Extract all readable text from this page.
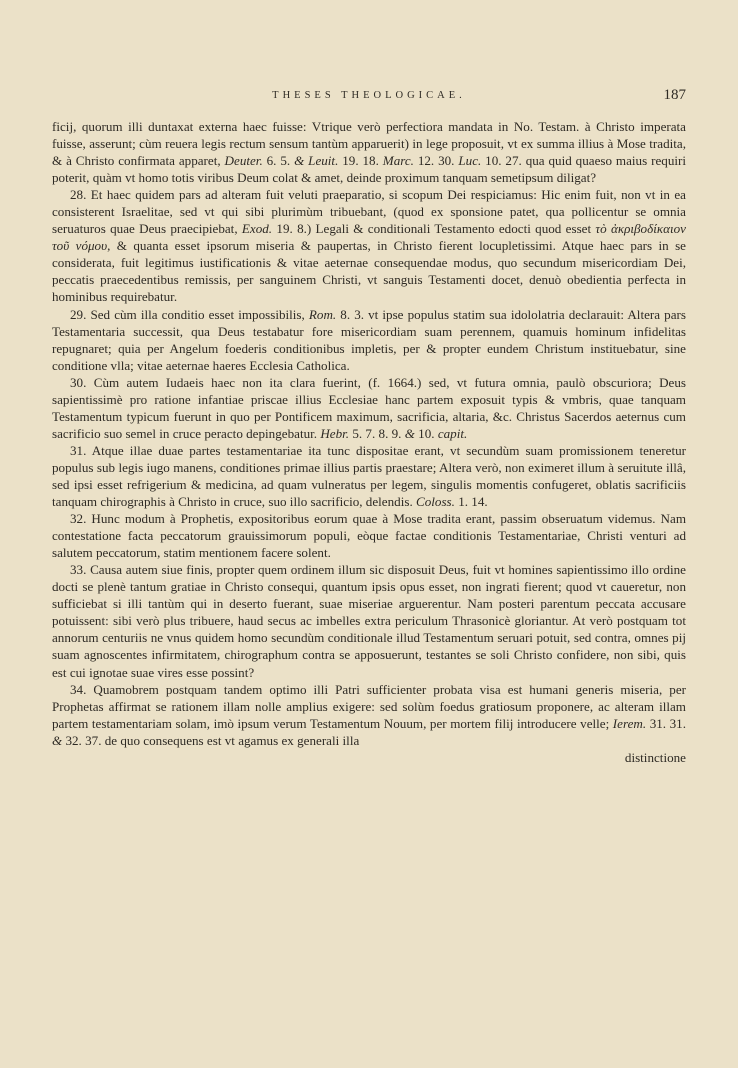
THESES THEOLOGICAE.	187

ficij, quorum illi duntaxat externa haec fuisse: Vtrique verò perfectiora mandata in No. Testam. à Christo imperata fuisse, asserunt; cùm reuera legis rectum sensum tantùm apparuerit) in lege proposuit, vt ex summa illius à Mose tradita, & à Christo confirmata apparet, Deuter. 6. 5. & Leuit. 19. 18. Marc. 12. 30. Luc. 10. 27. qua quid quaeso maius requiri poterit, quàm vt homo totis viribus Deum colat & amet, deinde proximum tanquam semetipsum diligat?

28. Et haec quidem pars ad alteram fuit veluti praeparatio, si scopum Dei respiciamus: Hic enim fuit, non vt in ea consisterent Israelitae, sed vt qui sibi plurimùm tribuebant, (quod ex sponsione patet, qua pollicentur se omnia seruaturos quae Deus praecipiebat, Exod. 19. 8.) Legali & conditionali Testamento edocti quod esset τὸ ἀκριβοδίκαιον τοῦ νόμου, & quanta esset ipsorum miseria & paupertas, in Christo fierent locupletissimi. Atque haec pars in se considerata, fuit legitimus iustificationis & vitae aeternae consequendae modus, quo secundum misericordiam Dei, peccatis praecedentibus remissis, per sanguinem Christi, vt sanguis Testamenti docet, denuò obedientia perfecta in hominibus requirebatur.

29. Sed cùm illa conditio esset impossibilis, Rom. 8. 3. vt ipse populus statim sua idololatria declarauit: Altera pars Testamentaria successit, qua Deus testabatur fore misericordiam suam perennem, quamuis hominum infidelitas repugnaret; quia per Angelum foederis conditionibus impletis, per & propter eundem Christum instituebatur, sine conditione vlla; vitae aeternae haeres Ecclesia Catholica.

30. Cùm autem Iudaeis haec non ita clara fuerint, (f. 1664.) sed, vt futura omnia, paulò obscuriora; Deus sapientissimè pro ratione infantiae priscae illius Ecclesiae hanc partem exposuit typis & vmbris, quae tanquam Testamentum typicum fuerunt in quo per Pontificem maximum, sacrificia, altaria, &c. Christus Sacerdos aeternus cum sacrificio suo semel in cruce peracto depingebatur. Hebr. 5. 7. 8. 9. & 10. capit.

31. Atque illae duae partes testamentariae ita tunc dispositae erant, vt secundùm suam promissionem teneretur populus sub legis iugo manens, conditiones primae illius partis praestare; Altera verò, non eximeret illum à seruitute illâ, sed ipsi esset refrigerium & medicina, ad quam vulneratus per legem, singulis momentis confugeret, oblatis sacrificiis tanquam chirographis à Christo in cruce, suo illo sacrificio, delendis. Coloss. 1. 14.

32. Hunc modum à Prophetis, expositoribus eorum quae à Mose tradita erant, passim obseruatum videmus. Nam contestatione facta peccatorum grauissimorum populi, eòque factae conditionis Testamentariae, Christi venturi ad salutem peccatorum, statim mentionem facere solent.

33. Causa autem siue finis, propter quem ordinem illum sic disposuit Deus, fuit vt homines sapientissimo illo ordine docti se plenè tantum gratiae in Christo consequi, quantum ipsis opus esset, non ingrati fierent; quod vt caueretur, non sufficiebat si illi tantùm qui in deserto fuerant, suae miseriae arguerentur. Nam posteri parentum peccata accusare potuissent: sibi verò plus tribuere, haud secus ac imbelles extra periculum Thrasonicè gloriantur. At verò postquam tot annorum centuriis ne vnus quidem homo secundùm conditionale illud Testamentum seruari potuit, sed contra, omnes pij suam agnoscentes infirmitatem, chirographum contra se apposuerunt, testantes se soli Christo confidere, non sibi, quis est cui ignotae suae vires esse possint?

34. Quamobrem postquam tandem optimo illi Patri sufficienter probata visa est humani generis miseria, per Prophetas affirmat se rationem illam nolle amplius exigere: sed solùm foedus gratiosum proponere, ac alteram illam partem testamentariam solam, imò ipsum verum Testamentum Nouum, per mortem filij introducere velle; Ierem. 31. 31. & 32. 37. de quo consequens est vt agamus ex generali illa

distinctione
